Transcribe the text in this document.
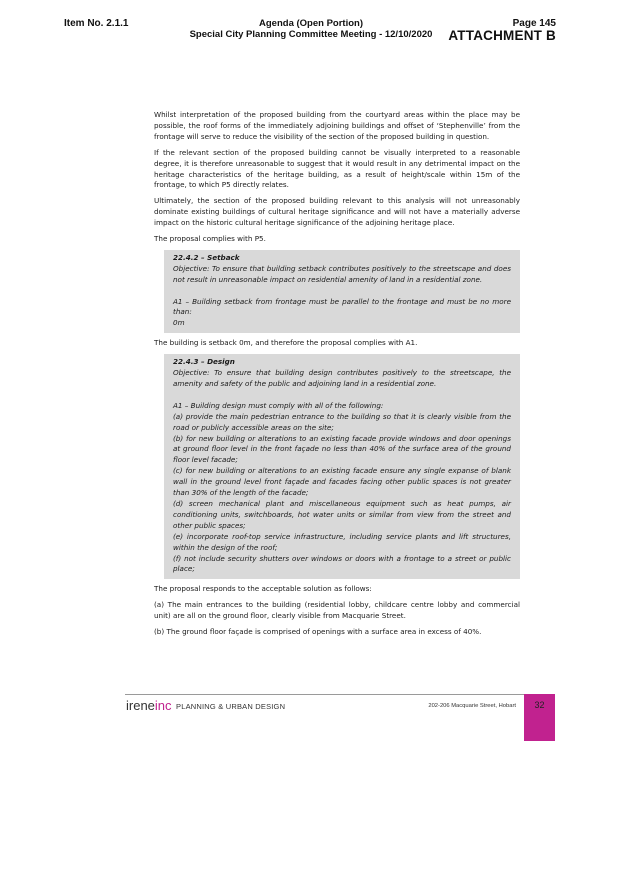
Item No. 2.1.1	Agenda (Open Portion)
Special City Planning Committee Meeting - 12/10/2020
Page 145
ATTACHMENT B

Whilst interpretation of the proposed building from the courtyard areas within the place may be possible, the roof forms of the immediately adjoining buildings and offset of ‘Stephenville’ from the frontage will serve to reduce the visibility of the section of the proposed building in question.

If the relevant section of the proposed building cannot be visually interpreted to a reasonable degree, it is therefore unreasonable to suggest that it would result in any detrimental impact on the heritage characteristics of the heritage building, as a result of height/scale within 15m of the frontage, to which P5 directly relates.

Ultimately, the section of the proposed building relevant to this analysis will not unreasonably dominate existing buildings of cultural heritage significance and will not have a materially adverse impact on the historic cultural heritage significance of the adjoining heritage place.

The proposal complies with P5.

22.4.2 – Setback
Objective: To ensure that building setback contributes positively to the streetscape and does not result in unreasonable impact on residential amenity of land in a residential zone.
A1 – Building setback from frontage must be parallel to the frontage and must be no more than:
0m

The building is setback 0m, and therefore the proposal complies with A1.

22.4.3 – Design
Objective: To ensure that building design contributes positively to the streetscape, the amenity and safety of the public and adjoining land in a residential zone.
A1 – Building design must comply with all of the following:
(a) provide the main pedestrian entrance to the building so that it is clearly visible from the road or publicly accessible areas on the site;
(b) for new building or alterations to an existing facade provide windows and door openings at ground floor level in the front façade no less than 40% of the surface area of the ground floor level facade;
(c) for new building or alterations to an existing facade ensure any single expanse of blank wall in the ground level front façade and facades facing other public spaces is not greater than 30% of the length of the facade;
(d) screen mechanical plant and miscellaneous equipment such as heat pumps, air conditioning units, switchboards, hot water units or similar from view from the street and other public spaces;
(e) incorporate roof-top service infrastructure, including service plants and lift structures, within the design of the roof;
(f) not include security shutters over windows or doors with a frontage to a street or public place;

The proposal responds to the acceptable solution as follows:

(a) The main entrances to the building (residential lobby, childcare centre lobby and commercial unit) are all on the ground floor, clearly visible from Macquarie Street.

(b) The ground floor façade is comprised of openings with a surface area in excess of 40%.

ireneinc PLANNING & URBAN DESIGN	202-206 Macquarie Street, Hobart	32
